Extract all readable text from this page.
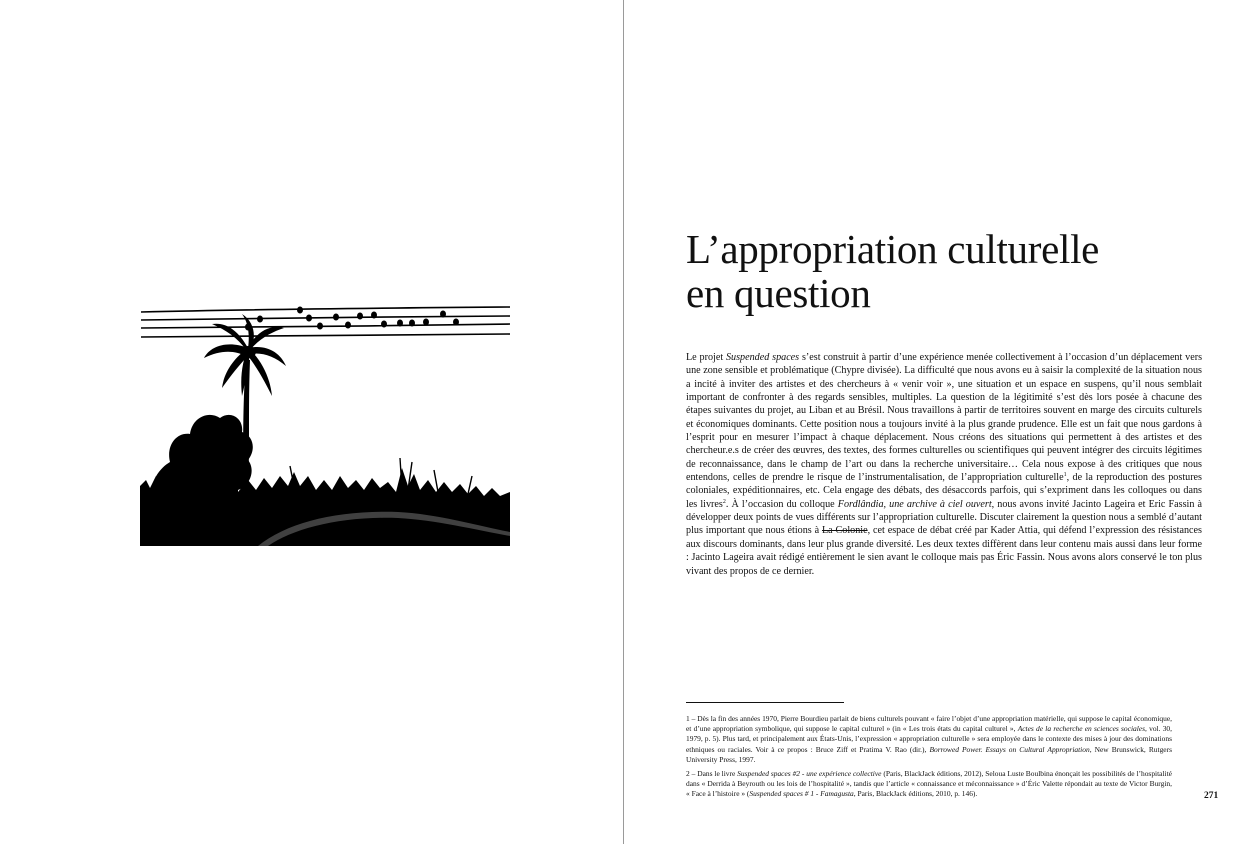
L’appropriation culturelle
en question

Le projet Suspended spaces s’est construit à partir d’une expérience menée collectivement à l’occasion d’un déplacement vers une zone sensible et problématique (Chypre divisée). La difficulté que nous avons eu à saisir la complexité de la situation nous a incité à inviter des artistes et des chercheurs à « venir voir », une situation et un espace en suspens, qu’il nous semblait important de confronter à des regards sensibles, multiples. La question de la légitimité s’est dès lors posée à chacune des étapes suivantes du projet, au Liban et au Brésil. Nous travaillons à partir de territoires souvent en marge des circuits culturels et économiques dominants. Cette position nous a toujours invité à la plus grande prudence. Elle est un fait que nous gardons à l’esprit pour en mesurer l’impact à chaque déplacement. Nous créons des situations qui permettent à des artistes et des chercheur.e.s de créer des œuvres, des textes, des formes culturelles ou scientifiques qui peuvent intégrer des circuits légitimes de reconnaissance, dans le champ de l’art ou dans la recherche universitaire… Cela nous expose à des critiques que nous entendons, celles de prendre le risque de l’instrumentalisation, de l’appropriation culturelle$^1$, de la reproduction des postures coloniales, expéditionnaires, etc. Cela engage des débats, des désaccords parfois, qui s’expriment dans les colloques ou dans les livres$^2$. À l’occasion du colloque Fordlândia, une archive à ciel ouvert, nous avons invité Jacinto Lageira et Eric Fassin à développer deux points de vues différents sur l’appropriation culturelle. Discuter clairement la question nous a semblé d’autant plus important que nous étions à La Colonie, cet espace de débat créé par Kader Attia, qui défend l’expression des résistances aux discours dominants, dans leur plus grande diversité. Les deux textes diffèrent dans leur contenu mais aussi dans leur forme : Jacinto Lageira avait rédigé entièrement le sien avant le colloque mais pas Éric Fassin. Nous avons alors conservé le ton plus vivant des propos de ce dernier.

1 – Dès la fin des années 1970, Pierre Bourdieu parlait de biens culturels pouvant « faire l’objet d’une appropriation matérielle, qui suppose le capital économique, et d’une appropriation symbolique, qui suppose le capital culturel » (in « Les trois états du capital culturel », Actes de la recherche en sciences sociales, vol. 30, 1979, p. 5). Plus tard, et principalement aux États-Unis, l’expression « appropriation culturelle » sera employée dans le contexte des mises à jour des dominations ethniques ou raciales. Voir à ce propos : Bruce Ziff et Pratima V. Rao (dir.), Borrowed Power. Essays on Cultural Appropriation, New Brunswick, Rutgers University Press, 1997.

2 – Dans le livre Suspended spaces #2 - une expérience collective (Paris, BlackJack éditions, 2012), Seloua Luste Boulbina énonçait les possibilités de l’hospitalité dans « Derrida à Beyrouth ou les lois de l’hospitalité », tandis que l’article « connaissance et méconnaissance » d’Éric Valette répondait au texte de Victor Burgin, « Face à l’histoire » (Suspended spaces # 1 - Famagusta, Paris, BlackJack éditions, 2010, p. 146).	271
